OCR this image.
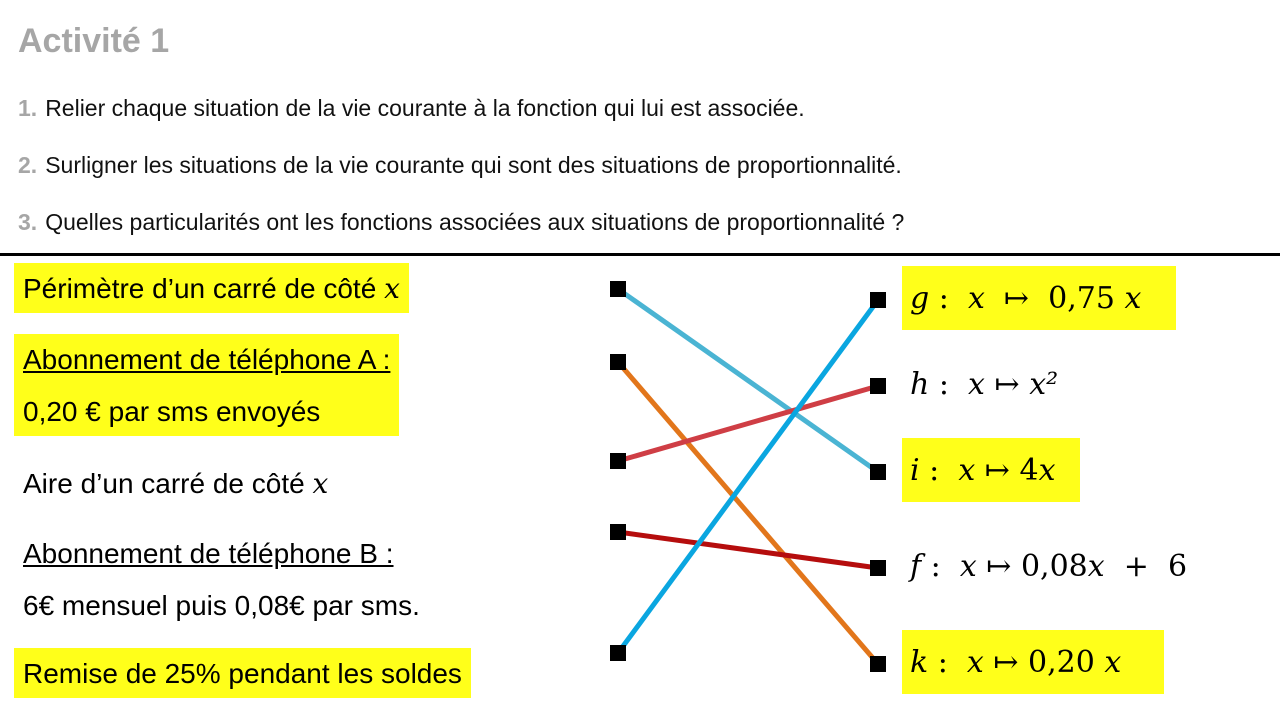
Activité 1
1. Relier chaque situation de la vie courante à la fonction qui lui est associée.
2. Surligner les situations de la vie courante qui sont des situations de proportionnalité.
3. Quelles particularités ont les fonctions associées aux situations de proportionnalité ?
Périmètre d’un carré de côté x
Abonnement de téléphone A :
0,20 € par sms envoyés
Aire d’un carré de côté x
Abonnement de téléphone B :
6€ mensuel puis 0,08€ par sms.
Remise de 25% pendant les soldes
g : x ↦ 0,75 x
h : x ↦ x²
i : x ↦ 4 x
f : x ↦ 0,08 x +  6
k : x ↦ 0,20 x
